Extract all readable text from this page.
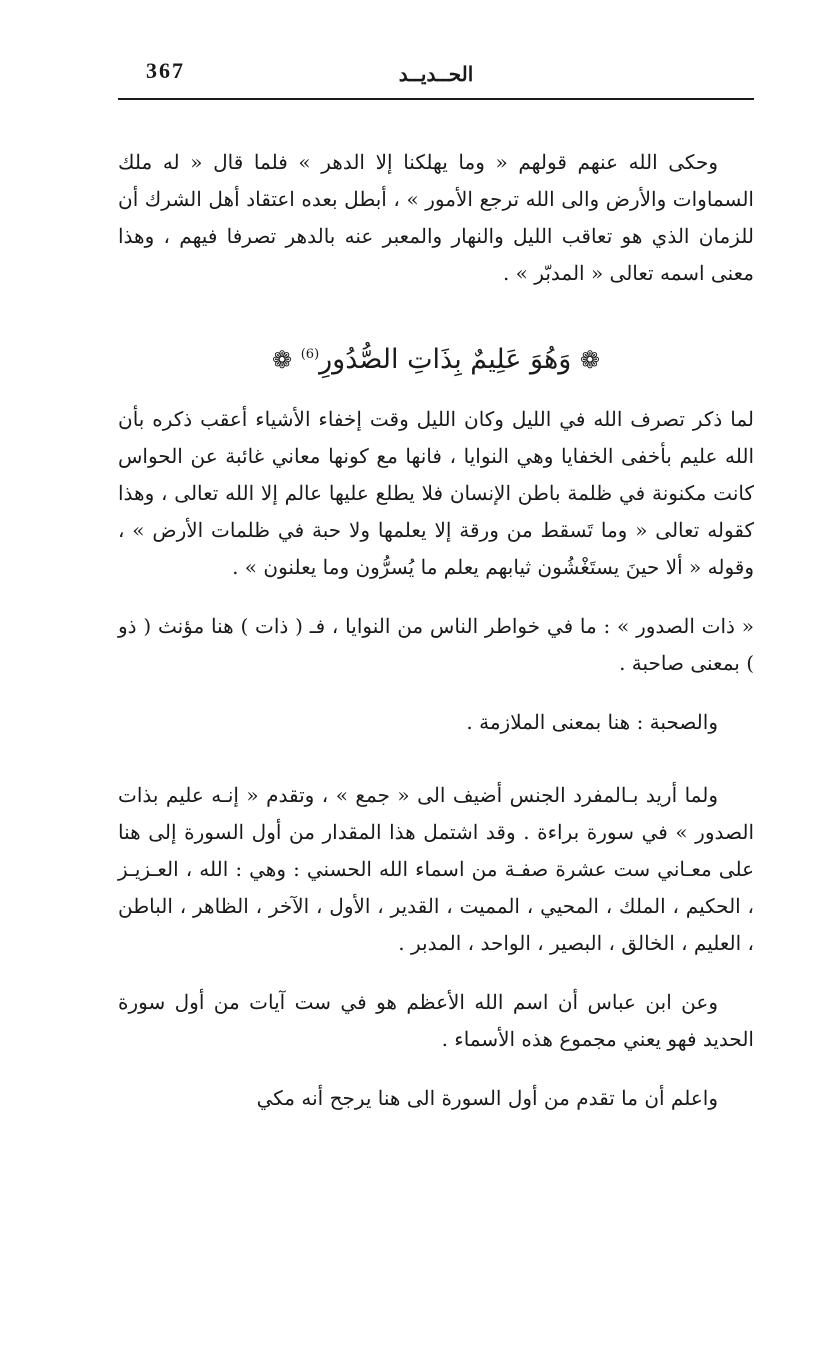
الحــديــد
367

وحكى الله عنهم قولهم « وما يهلكنا إلا الدهر » فلما قال « له ملك السماوات والأرض والى الله ترجع الأمور » ، أبطل بعده اعتقاد أهل الشرك أن للزمان الذي هو تعاقب الليل والنهار والمعبر عنه بالدهر تصرفا فيهم ، وهذا معنى اسمه تعالى « المدبّر » .

❁ وَهُوَ عَلِيمٌ بِذَاتِ الصُّدُورِ$^{(6)}$ ❁

لما ذكر تصرف الله في الليل وكان الليل وقت إخفاء الأشياء أعقب ذكره بأن الله عليم بأخفى الخفايا وهي النوايا ، فانها مع كونها معاني غائبة عن الحواس كانت مكنونة في ظلمة باطن الإنسان فلا يطلع عليها عالم إلا الله تعالى ، وهذا كقوله تعالى « وما تَسقط من ورقة إلا يعلمها ولا حبة في ظلمات الأرض » ، وقوله « ألا حينَ يستَغْشُون ثيابهم يعلم ما يُسرُّون وما يعلنون » .

« ذات الصدور » : ما في خواطر الناس من النوايا ، فـ ( ذات ) هنا مؤنث ( ذو ) بمعنى صاحبة .

والصحبة : هنا بمعنى الملازمة .

ولما أريد بـالمفرد الجنس أضيف الى « جمع » ، وتقدم « إنـه عليم بذات الصدور » في سورة براءة . وقد اشتمل هذا المقدار من أول السورة إلى هنا على معـاني ست عشرة صفـة من اسماء الله الحسني : وهي : الله ، العـزيـز ، الحكيم ، الملك ، المحيي ، المميت ، القدير ، الأول ، الآخر ، الظاهر ، الباطن ، العليم ، الخالق ، البصير ، الواحد ، المدبر .

وعن ابن عباس أن اسم الله الأعظم هو في ست آيات من أول سورة الحديد فهو يعني مجموع هذه الأسماء .

واعلم أن ما تقدم من أول السورة الى هنا يرجح أنه مكي
